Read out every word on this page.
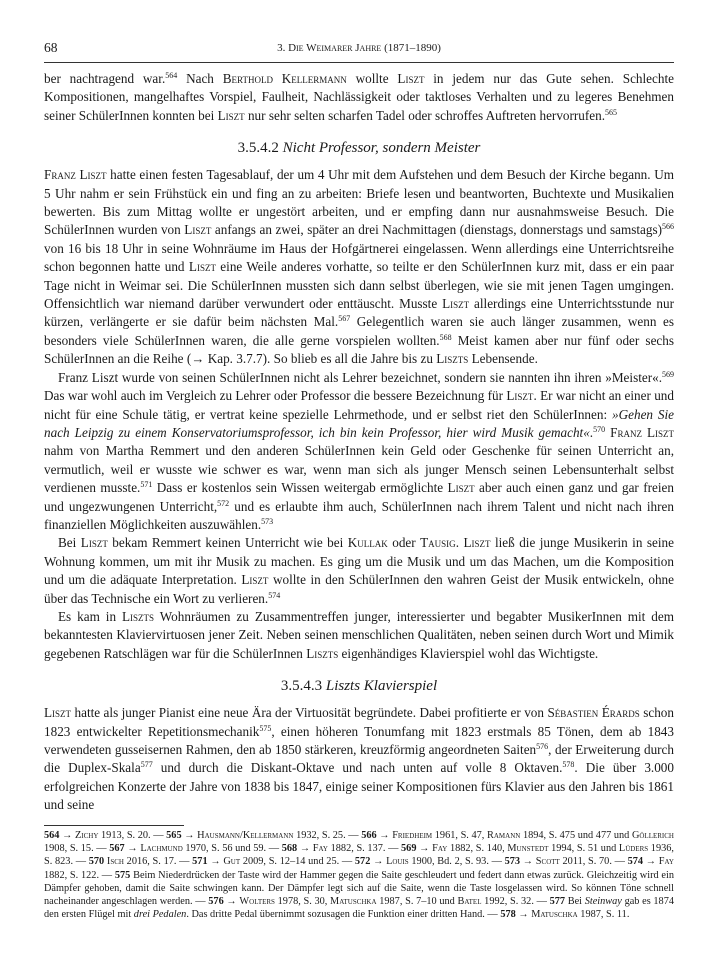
68	3. Die Weimarer Jahre (1871–1890)

ber nachtragend war.$^{564}$ Nach Berthold Kellermann wollte Liszt in jedem nur das Gute sehen. Schlechte Kompositionen, mangelhaftes Vorspiel, Faulheit, Nachlässigkeit oder taktloses Verhalten und zu legeres Benehmen seiner SchülerInnen konnten bei Liszt nur sehr selten scharfen Tadel oder schroffes Auftreten hervorrufen.$^{565}$

3.5.4.2 Nicht Professor, sondern Meister

Franz Liszt hatte einen festen Tagesablauf, der um 4 Uhr mit dem Aufstehen und dem Besuch der Kirche begann. Um 5 Uhr nahm er sein Frühstück ein und fing an zu arbeiten: Briefe lesen und beantworten, Buchtexte und Musikalien bewerten. Bis zum Mittag wollte er ungestört arbeiten, und er empfing dann nur ausnahmsweise Besuch. Die SchülerInnen wurden von Liszt anfangs an zwei, später an drei Nachmittagen (dienstags, donnerstags und samstags)$^{566}$ von 16 bis 18 Uhr in seine Wohnräume im Haus der Hofgärtnerei eingelassen. Wenn allerdings eine Unterrichtsreihe schon begonnen hatte und Liszt eine Weile anderes vorhatte, so teilte er den SchülerInnen kurz mit, dass er ein paar Tage nicht in Weimar sei. Die SchülerInnen mussten sich dann selbst überlegen, wie sie mit jenen Tagen umgingen. Offensichtlich war niemand darüber verwundert oder enttäuscht. Musste Liszt allerdings eine Unterrichtsstunde nur kürzen, verlängerte er sie dafür beim nächsten Mal.$^{567}$ Gelegentlich waren sie auch länger zusammen, wenn es besonders viele SchülerInnen waren, die alle gerne vorspielen wollten.$^{568}$ Meist kamen aber nur fünf oder sechs SchülerInnen an die Reihe (→ Kap. 3.7.7). So blieb es all die Jahre bis zu Liszts Lebensende.

Franz Liszt wurde von seinen SchülerInnen nicht als Lehrer bezeichnet, sondern sie nannten ihn ihren »Meister«.$^{569}$ Das war wohl auch im Vergleich zu Lehrer oder Professor die bessere Bezeichnung für Liszt. Er war nicht an einer und nicht für eine Schule tätig, er vertrat keine spezielle Lehrmethode, und er selbst riet den SchülerInnen: »Gehen Sie nach Leipzig zu einem Konservatoriumsprofessor, ich bin kein Professor, hier wird Musik gemacht«.$^{570}$ Franz Liszt nahm von Martha Remmert und den anderen SchülerInnen kein Geld oder Geschenke für seinen Unterricht an, vermutlich, weil er wusste wie schwer es war, wenn man sich als junger Mensch seinen Lebensunterhalt selbst verdienen musste.$^{571}$ Dass er kostenlos sein Wissen weitergab ermöglichte Liszt aber auch einen ganz und gar freien und ungezwungenen Unterricht,$^{572}$ und es erlaubte ihm auch, SchülerInnen nach ihrem Talent und nicht nach ihren finanziellen Möglichkeiten auszuwählen.$^{573}$

Bei Liszt bekam Remmert keinen Unterricht wie bei Kullak oder Tausig. Liszt ließ die junge Musikerin in seine Wohnung kommen, um mit ihr Musik zu machen. Es ging um die Musik und um das Machen, um die Komposition und um die adäquate Interpretation. Liszt wollte in den SchülerInnen den wahren Geist der Musik entwickeln, ohne über das Technische ein Wort zu verlieren.$^{574}$

Es kam in Liszts Wohnräumen zu Zusammentreffen junger, interessierter und begabter MusikerInnen mit dem bekanntesten Klaviervirtuosen jener Zeit. Neben seinen menschlichen Qualitäten, neben seinen durch Wort und Mimik gegebenen Ratschlägen war für die SchülerInnen Liszts eigenhändiges Klavierspiel wohl das Wichtigste.

3.5.4.3 Liszts Klavierspiel

Liszt hatte als junger Pianist eine neue Ära der Virtuosität begründete. Dabei profitierte er von Sébastien Érards schon 1823 entwickelter Repetitionsmechanik$^{575}$, einen höheren Tonumfang mit 1823 erstmals 85 Tönen, dem ab 1843 verwendeten gusseisernen Rahmen, den ab 1850 stärkeren, kreuzförmig angeordneten Saiten$^{576}$, der Erweiterung durch die Duplex-Skala$^{577}$ und durch die Diskant-Oktave und nach unten auf volle 8 Oktaven.$^{578}$. Die über 3.000 erfolgreichen Konzerte der Jahre von 1838 bis 1847, einige seiner Kompositionen fürs Klavier aus den Jahren bis 1861 und seine

564 → Zichy 1913, S. 20. — 565 → Hausmann/Kellermann 1932, S. 25. — 566 → Friedheim 1961, S. 47, Ramann 1894, S. 475 und 477 und Göllerich 1908, S. 15. — 567 → Lachmund 1970, S. 56 und 59. — 568 → Fay 1882, S. 137. — 569 → Fay 1882, S. 140, Munstedt 1994, S. 51 und Lüders 1936, S. 823. — 570 Isch 2016, S. 17. — 571 → Gut 2009, S. 12–14 und 25. — 572 → Louis 1900, Bd. 2, S. 93. — 573 → Scott 2011, S. 70. — 574 → Fay 1882, S. 122. — 575 Beim Niederdrücken der Taste wird der Hammer gegen die Saite geschleudert und federt dann etwas zurück. Gleichzeitig wird ein Dämpfer gehoben, damit die Saite schwingen kann. Der Dämpfer legt sich auf die Saite, wenn die Taste losgelassen wird. So können Töne schnell nacheinander angeschlagen werden. — 576 → Wolters 1978, S. 30, Matuschka 1987, S. 7–10 und Batel 1992, S. 32. — 577 Bei Steinway gab es 1874 den ersten Flügel mit drei Pedalen. Das dritte Pedal übernimmt sozusagen die Funktion einer dritten Hand. — 578 → Matuschka 1987, S. 11.
